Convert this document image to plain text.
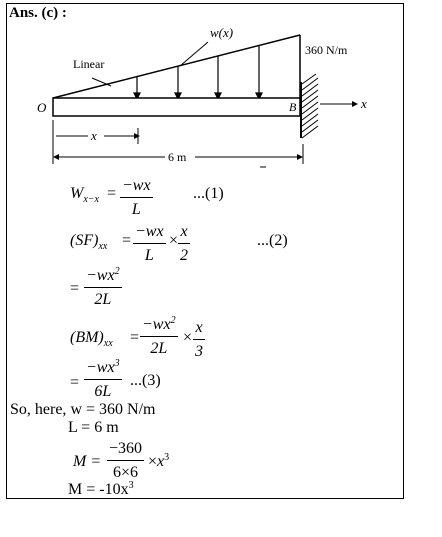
Ans. (c) :
w(x)
Linear
360 N/m
O	B	x
x
6 m
$W_{x-x} = -wx$
L
...(1)
$(SF)_{xx}$ =
−wx
L
×
x
2
...(2)
=
$-wx^2$
2L
$(BM)_{xx}$ =
$-wx^2$
2L
×
x
3
=
$-wx^3$
6L
...(3)
So, here, w = 360 N/m
L = 6 m
M =
−360
6×6
$\times x^3$
$M = -10x^3$
